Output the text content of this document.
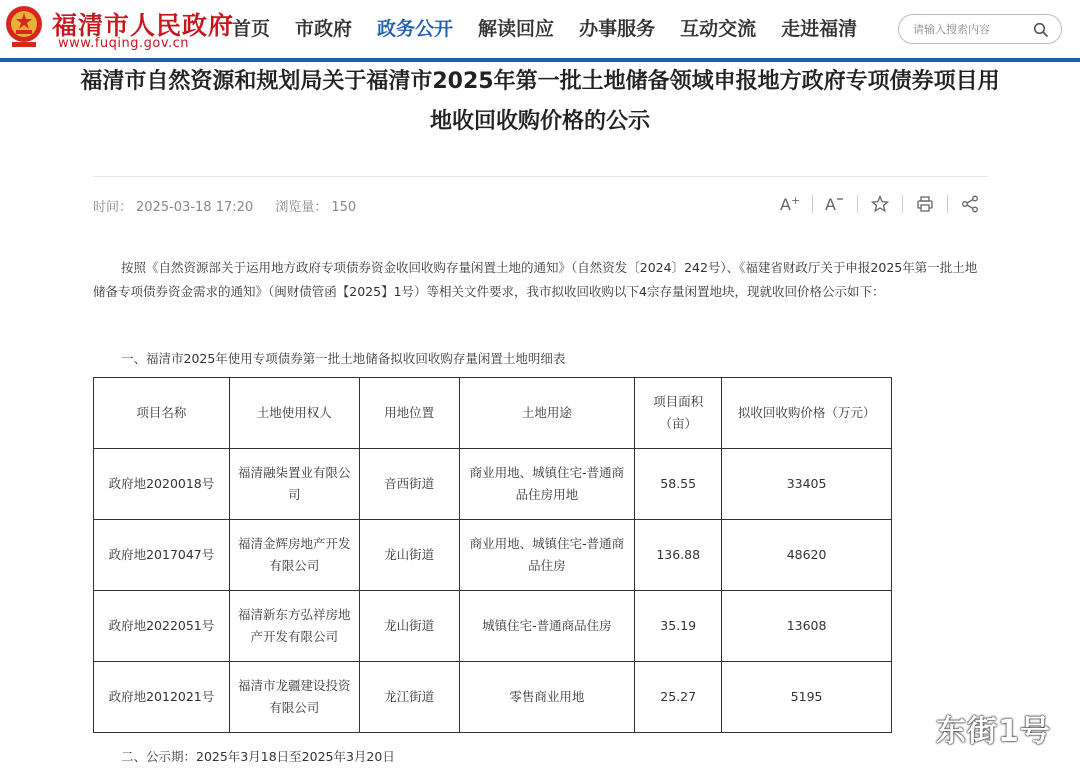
福清市人民政府
www.fuqing.gov.cn
首页 市政府 政务公开 解读回应 办事服务 互动交流 走进福清
请输入搜索内容
福清市自然资源和规划局关于福清市2025年第一批土地储备领域申报地方政府专项债券项目用地收回收购价格的公示
时间： 2025-03-18 17:20 浏览量： 150	A + A
按照《自然资源部关于运用地方政府专项债券资金收回收购存量闲置土地的通知》（自然资发〔2024〕242号）、《福建省财政厅关于申报2025年第一批土地储备专项债券资金需求的通知》（闽财债管函【2025】1号）等相关文件要求，我市拟收回收购以下4宗存量闲置地块，现就收回价格公示如下：
一、福清市2025年使用专项债券第一批土地储备拟收回收购存量闲置土地明细表
项目名称	土地使用权人	用地位置	土地用途	项目面积（亩）	拟收回收购价格（万元）
政府地2020018号	福清融柒置业有限公司	音西街道	商业用地、城镇住宅-普通商品住房用地	58.55	33405
政府地2017047号	福清金辉房地产开发有限公司	龙山街道	商业用地、城镇住宅-普通商品住房	136.88	48620
政府地2022051号	福清新东方弘祥房地产开发有限公司	龙山街道	城镇住宅-普通商品住房	35.19	13608
政府地2012021号	福清市龙疆建设投资有限公司	龙江街道	零售商业用地	25.27	5195
二、公示期：2025年3月18日至2025年3月20日
东街1号
